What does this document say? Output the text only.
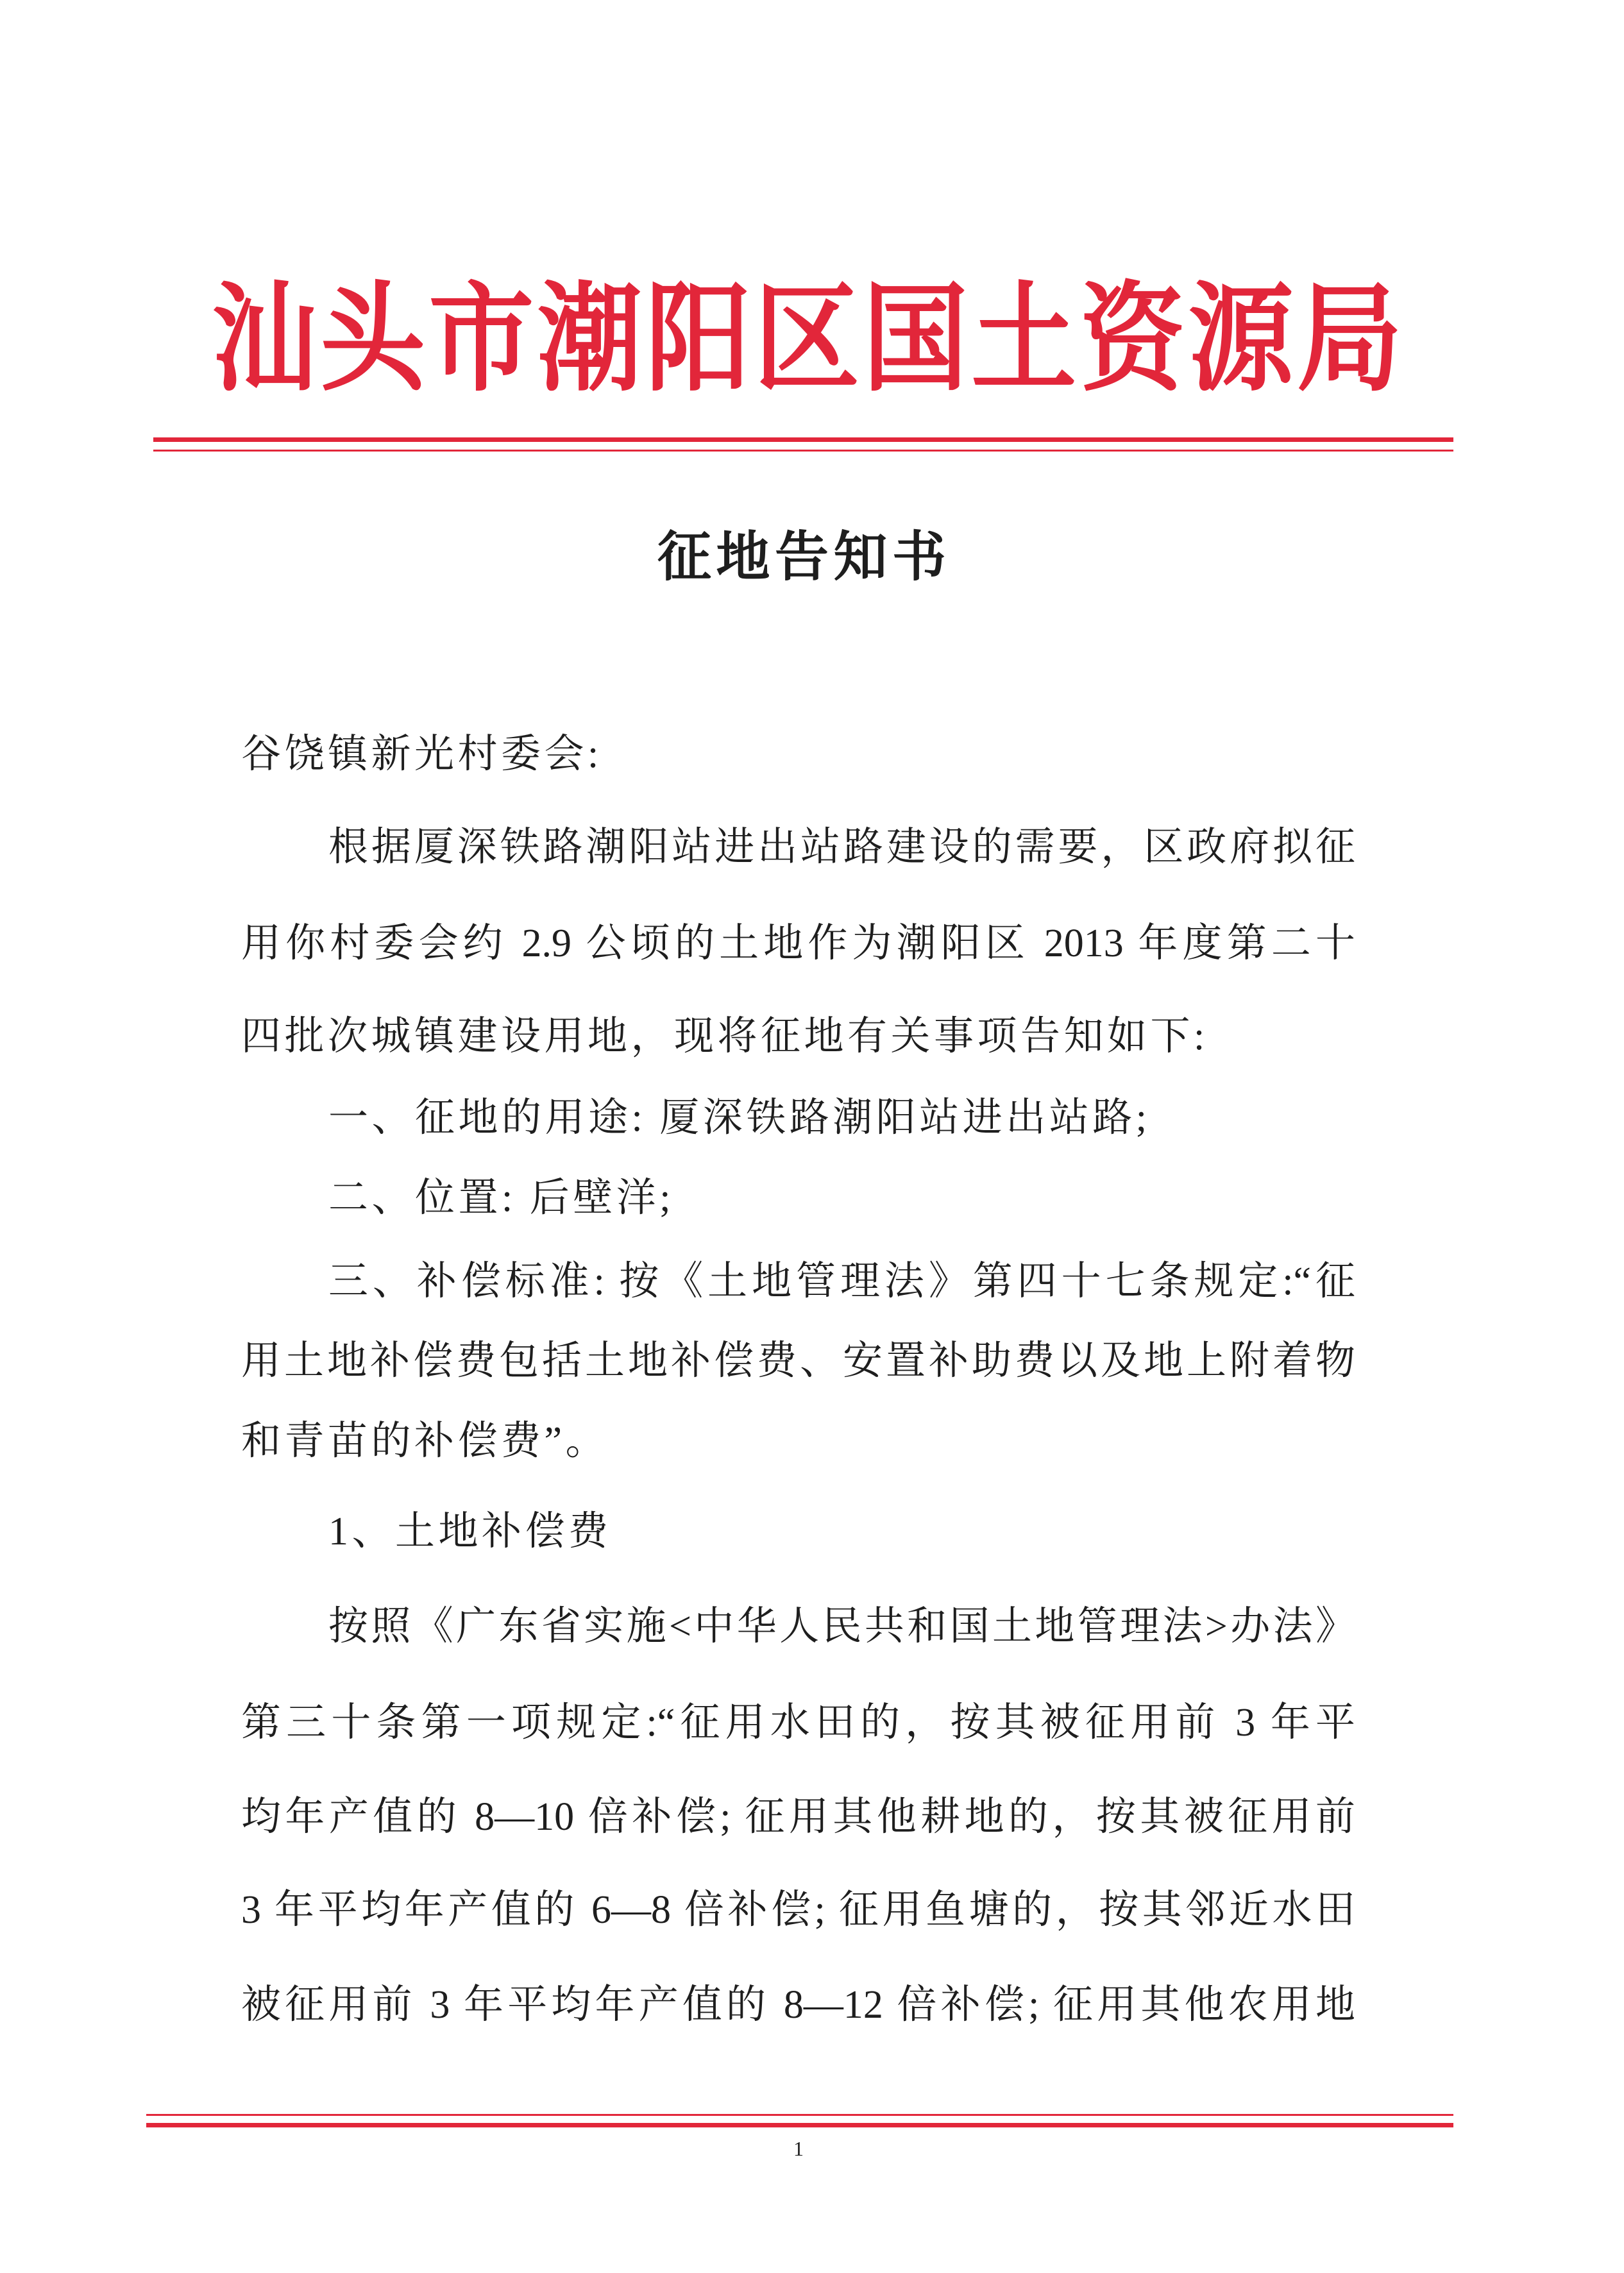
汕头市潮阳区国土资源局
征地告知书
谷饶镇新光村委会:
根据厦深铁路潮阳站进出站路建设的需要，区政府拟征
用你村委会约 2.9 公顷的土地作为潮阳区 2013 年度第二十
四批次城镇建设用地，现将征地有关事项告知如下:
一、征地的用途: 厦深铁路潮阳站进出站路;
二、位置: 后壁洋;
三、补偿标准: 按《土地管理法》第四十七条规定:“征
用土地补偿费包括土地补偿费、安置补助费以及地上附着物
和青苗的补偿费”。
1、土地补偿费
按照《广东省实施<中华人民共和国土地管理法>办法》
第三十条第一项规定:“征用水田的，按其被征用前 3 年平
均年产值的 8—10 倍补偿; 征用其他耕地的，按其被征用前
3 年平均年产值的 6—8 倍补偿; 征用鱼塘的，按其邻近水田
被征用前 3 年平均年产值的 8—12 倍补偿; 征用其他农用地
1
